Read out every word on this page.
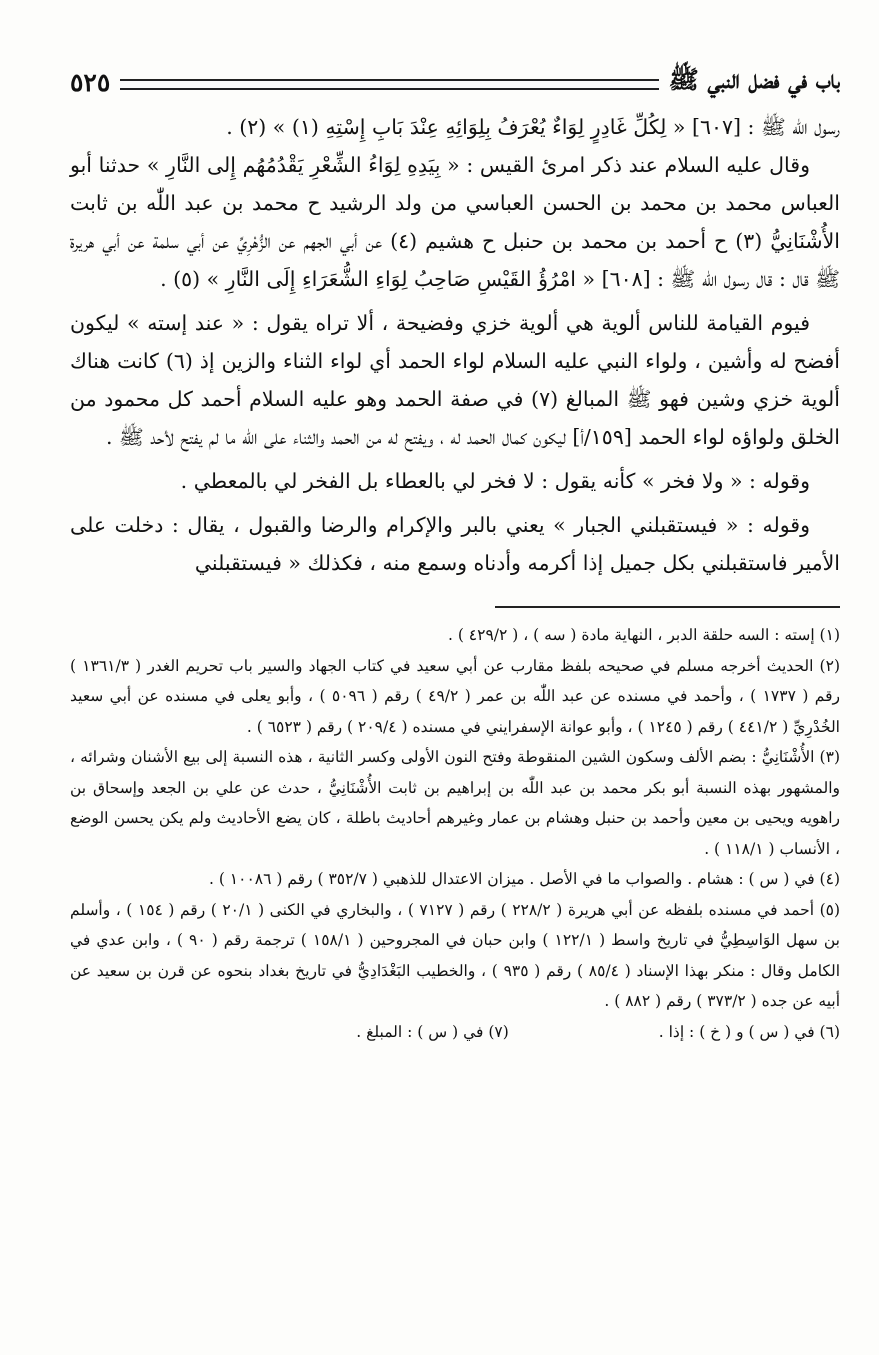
باب في فضل النبي ﷺ
٥٢٥

رسول اللّٰه ﷺ : [٦٠٧] « لِكُلِّ غَادِرٍ لِوَاءٌ يُعْرَفُ بِلِوَائِهِ عِنْدَ بَابِ إِسْتِهِ (١) » (٢) .

وقال عليه السلام عند ذكر امرئ القيس : « بِيَدِهِ لِوَاءُ الشِّعْرِ يَقْدُمُهُم إِلى النَّارِ » حدثنا أبو العباس محمد بن محمد بن الحسن العباسي من ولد الرشيد ح محمد بن عبد اللّٰه بن ثابت الأُشْنَانِيُّ (٣) ح أحمد بن محمد بن حنبل ح هشيم (٤) عن أبي الجهم عن الزُّهْرِيِّ عن أبي سلمة عن أبي هريرة ﷺ قال : قال رسول اللّٰه ﷺ : [٦٠٨] « امْرُؤُ القَيْسِ صَاحِبُ لِوَاءِ الشُّعَرَاءِ إِلَى النَّارِ » (٥) .

فيوم القيامة للناس ألوية هي ألوية خزي وفضيحة ، ألا تراه يقول : « عند إسته » ليكون أفضح له وأشين ، ولواء النبي عليه السلام لواء الحمد أي لواء الثناء والزين إذ (٦) كانت هناك ألوية خزي وشين فهو ﷺ المبالغ (٧) في صفة الحمد وهو عليه السلام أحمد كل محمود من الخلق ولواؤه لواء الحمد [١٥٩/أ] ليكون كمال الحمد له ، ويفتح له من الحمد والثناء على اللّٰه ما لم يفتح لأحد ﷺ .

وقوله : « ولا فخر » كأنه يقول : لا فخر لي بالعطاء بل الفخر لي بالمعطي .

وقوله : « فيستقبلني الجبار » يعني بالبر والإكرام والرضا والقبول ، يقال : دخلت على الأمير فاستقبلني بكل جميل إذا أكرمه وأدناه وسمع منه ، فكذلك « فيستقبلني

(١) إسته : السه حلقة الدبر ، النهاية مادة ( سه ) ، ( ٤٢٩/٢ ) .

(٢) الحديث أخرجه مسلم في صحيحه بلفظ مقارب عن أبي سعيد في كتاب الجهاد والسير باب تحريم الغدر ( ١٣٦١/٣ ) رقم ( ١٧٣٧ ) ، وأحمد في مسنده عن عبد اللّٰه بن عمر ( ٤٩/٢ ) رقم ( ٥٠٩٦ ) ، وأبو يعلى في مسنده عن أبي سعيد الخُدْرِيِّ ( ٤٤١/٢ ) رقم ( ١٢٤٥ ) ، وأبو عوانة الإسفرايني في مسنده ( ٢٠٩/٤ ) رقم ( ٦٥٢٣ ) .

(٣) الأُشْنَانِيُّ : بضم الألف وسكون الشين المنقوطة وفتح النون الأولى وكسر الثانية ، هذه النسبة إلى بيع الأشنان وشرائه ، والمشهور بهذه النسبة أبو بكر محمد بن عبد اللّٰه بن إبراهيم بن ثابت الأُشْنَانِيُّ ، حدث عن علي بن الجعد وإسحاق بن راهويه ويحيى بن معين وأحمد بن حنبل وهشام بن عمار وغيرهم أحاديث باطلة ، كان يضع الأحاديث ولم يكن يحسن الوضع ، الأنساب ( ١١٨/١ ) .

(٤) في ( س ) : هشام . والصواب ما في الأصل . ميزان الاعتدال للذهبي ( ٣٥٢/٧ ) رقم ( ١٠٠٨٦ ) .

(٥) أحمد في مسنده بلفظه عن أبي هريرة ( ٢٢٨/٢ ) رقم ( ٧١٢٧ ) ، والبخاري في الكنى ( ٢٠/١ ) رقم ( ١٥٤ ) ، وأسلم بن سهل الوَاسِطِيُّ في تاريخ واسط ( ١٢٢/١ ) وابن حبان في المجروحين ( ١٥٨/١ ) ترجمة رقم ( ٩٠ ) ، وابن عدي في الكامل وقال : منكر بهذا الإسناد ( ٨٥/٤ ) رقم ( ٩٣٥ ) ، والخطيب البَغْدَادِيُّ في تاريخ بغداد بنحوه عن قرن بن سعيد عن أبيه عن جده ( ٣٧٣/٢ ) رقم ( ٨٨٢ ) .

(٦) في ( س ) و ( خ ) : إذا .
(٧) في ( س ) : المبلغ .
